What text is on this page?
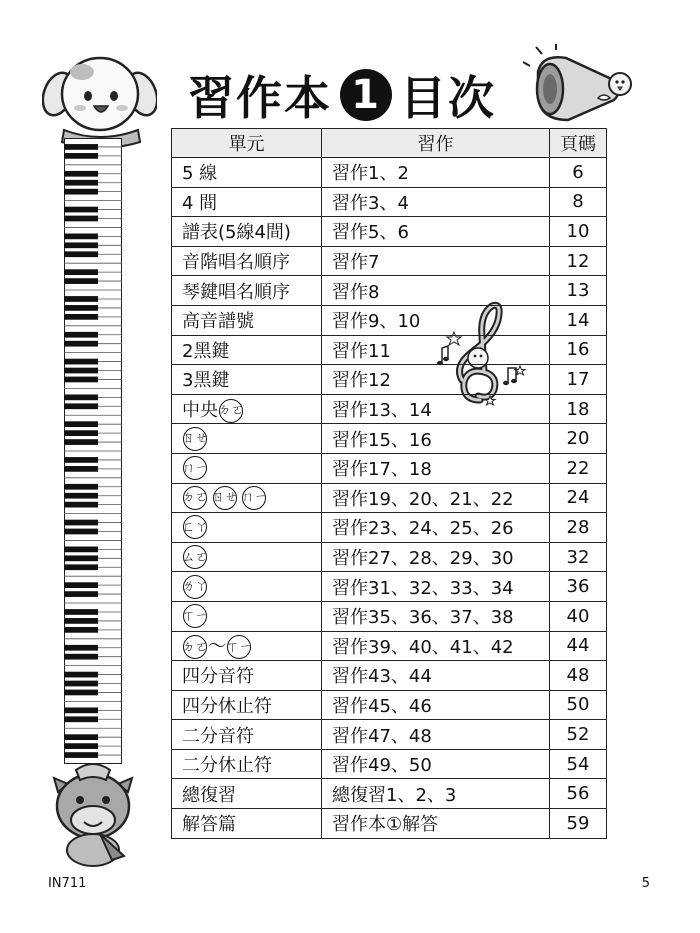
習作本 1 目次
單元	習作	頁碼
5 線	習作1、2	6
4 間	習作3、4	8
譜表(5線4間)	習作5、6	10
音階唱名順序	習作7	12
琴鍵唱名順序	習作8	13
高音譜號	習作9、10	14
2黑鍵	習作11	16
3黑鍵	習作12	17
中央ㄉㄛ	習作13、14	18
ㄖㄝ	習作15、16	20
ㄇㄧ	習作17、18	22
ㄉㄛ  ㄖㄝ  ㄇㄧ	習作19、20、21、22	24
ㄈㄚ	習作23、24、25、26	28
ㄙㄛ	習作27、28、29、30	32
ㄌㄚ	習作31、32、33、34	36
ㄒㄧ	習作35、36、37、38	40
ㄉㄛ～ㄒㄧ	習作39、40、41、42	44
四分音符	習作43、44	48
四分休止符	習作45、46	50
二分音符	習作47、48	52
二分休止符	習作49、50	54
總復習	總復習1、2、3	56
解答篇	習作本①解答	59
IN711	5
